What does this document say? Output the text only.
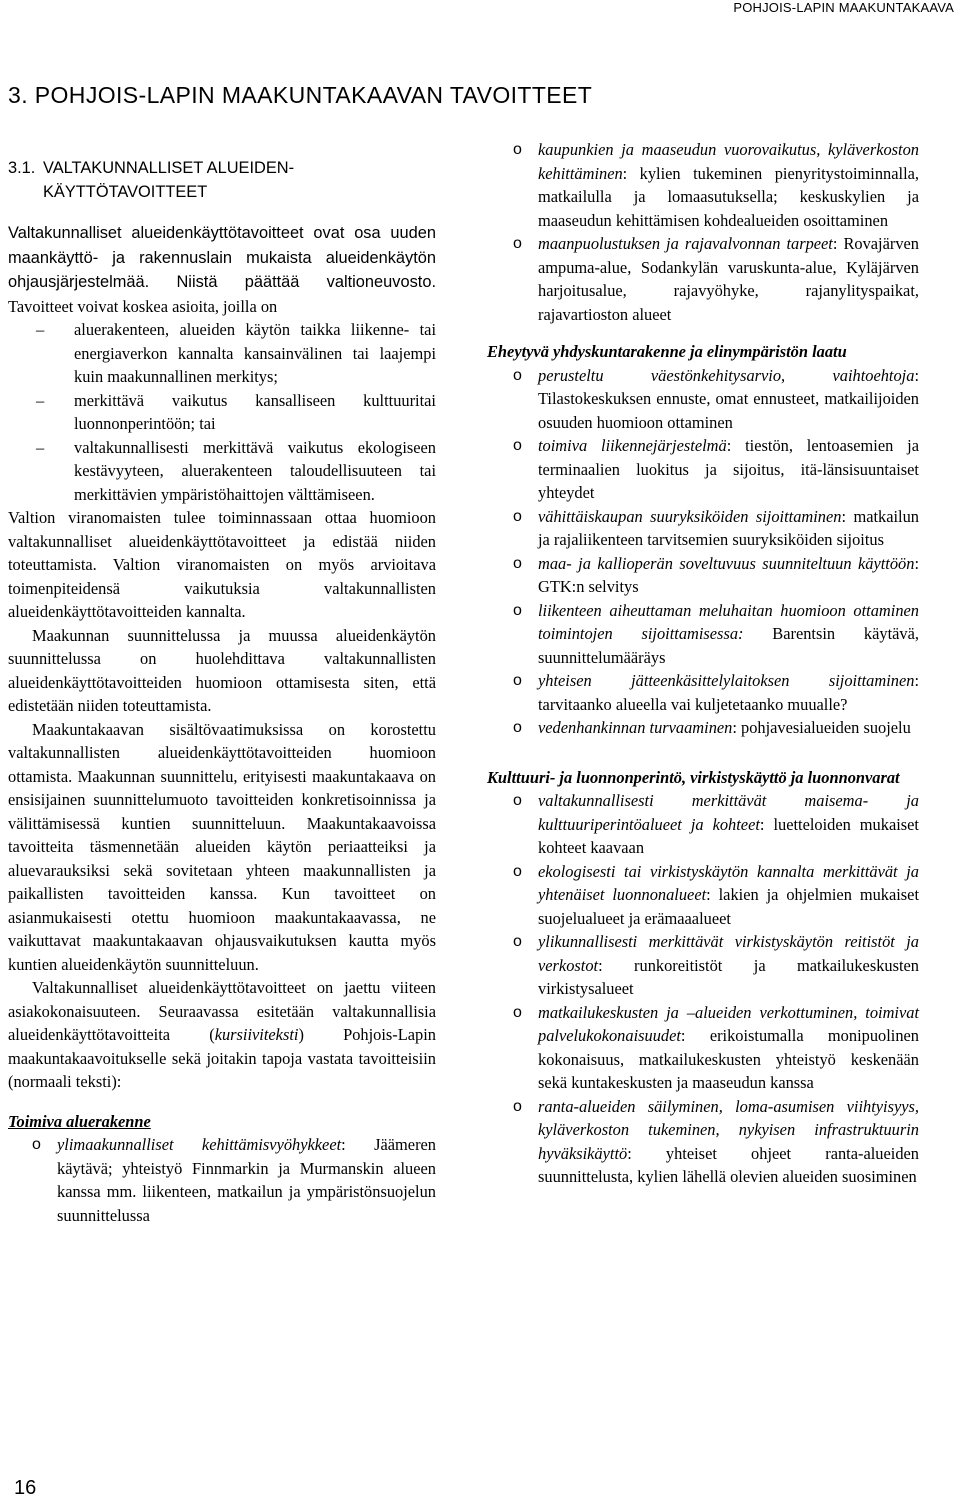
POHJOIS-LAPIN MAAKUNTAKAAVA
3. POHJOIS-LAPIN MAAKUNTAKAAVAN TAVOITTEET
3.1. VALTAKUNNALLISET ALUEIDEN-
KÄYTTÖTAVOITTEET

Valtakunnalliset alueidenkäyttötavoitteet ovat osa uuden maankäyttö- ja rakennuslain mukaista alueidenkäytön ohjausjärjestelmää. Niistä päättää valtioneuvosto. Tavoitteet voivat koskea asioita, joilla on

–	aluerakenteen, alueiden käytön taikka liikenne- tai energiaverkon kannalta kansainvälinen tai laajempi kuin maakunnallinen merkitys;
–	merkittävä vaikutus kansalliseen kulttuuritai luonnonperintöön; tai
–	valtakunnallisesti merkittävä vaikutus ekologiseen kestävyyteen, aluerakenteen taloudellisuuteen tai merkittävien ympäristöhaittojen välttämiseen.

Valtion viranomaisten tulee toiminnassaan ottaa huomioon valtakunnalliset alueidenkäyttötavoitteet ja edistää niiden toteuttamista. Valtion viranomaisten on myös arvioitava toimenpiteidensä vaikutuksia valtakunnallisten alueidenkäyttötavoitteiden kannalta.

Maakunnan suunnittelussa ja muussa alueidenkäytön suunnittelussa on huolehdittava valtakunnallisten alueidenkäyttötavoitteiden huomioon ottamisesta siten, että edistetään niiden toteuttamista.

Maakuntakaavan sisältövaatimuksissa on korostettu valtakunnallisten alueidenkäyttötavoitteiden huomioon ottamista. Maakunnan suunnittelu, erityisesti maakuntakaava on ensisijainen suunnittelumuoto tavoitteiden konkretisoinnissa ja välittämisessä kuntien suunnitteluun. Maakuntakaavoissa tavoitteita täsmennetään alueiden käytön periaatteiksi ja aluevarauksiksi sekä sovitetaan yhteen maakunnallisten ja paikallisten tavoitteiden kanssa. Kun tavoitteet on asianmukaisesti otettu huomioon maakuntakaavassa, ne vaikuttavat maakuntakaavan ohjausvaikutuksen kautta myös kuntien alueidenkäytön suunnitteluun.

Valtakunnalliset alueidenkäyttötavoitteet on jaettu viiteen asiakokonaisuuteen. Seuraavassa esitetään valtakunnallisia alueidenkäyttötavoitteita (kursiiviteksti) Pohjois-Lapin maakuntakaavoitukselle sekä joitakin tapoja vastata tavoitteisiin (normaali teksti):

Toimiva aluerakenne

o ylimaakunnalliset kehittämisvyöhykkeet: Jäämeren käytävä; yhteistyö Finnmarkin ja Murmanskin alueen kanssa mm. liikenteen, matkailun ja ympäristönsuojelun suunnittelussa
o kaupunkien ja maaseudun vuorovaikutus, kyläverkoston kehittäminen: kylien tukeminen pienyritystoiminnalla, matkailulla ja lomaasutuksella; keskuskylien ja maaseudun kehittämisen kohdealueiden osoittaminen
o maanpuolustuksen ja rajavalvonnan tarpeet: Rovajärven ampuma-alue, Sodankylän varuskunta-alue, Kyläjärven harjoitusalue, rajavyöhyke, rajanylityspaikat, rajavartioston alueet

Eheytyvä yhdyskuntarakenne ja elinympäristön laatu

o perusteltu väestönkehitysarvio, vaihtoehtoja: Tilastokeskuksen ennuste, omat ennusteet, matkailijoiden osuuden huomioon ottaminen
o toimiva liikennejärjestelmä: tiestön, lentoasemien ja terminaalien luokitus ja sijoitus, itä-länsisuuntaiset yhteydet
o vähittäiskaupan suuryksiköiden sijoittaminen: matkailun ja rajaliikenteen tarvitsemien suuryksiköiden sijoitus
o maa- ja kallioperän soveltuvuus suunniteltuun käyttöön: GTK:n selvitys
o liikenteen aiheuttaman meluhaitan huomioon ottaminen toimintojen sijoittamisessa: Barentsin käytävä, suunnittelumääräys
o yhteisen jätteenkäsittelylaitoksen sijoittaminen: tarvitaanko alueella vai kuljetetaanko muualle?
o vedenhankinnan turvaaminen: pohjavesialueiden suojelu

Kulttuuri- ja luonnonperintö, virkistyskäyttö ja luonnonvarat

o valtakunnallisesti merkittävät maisema- ja kulttuuriperintöalueet ja kohteet: luetteloiden mukaiset kohteet kaavaan
o ekologisesti tai virkistyskäytön kannalta merkittävät ja yhtenäiset luonnonalueet: lakien ja ohjelmien mukaiset suojelualueet ja erämaaalueet
o ylikunnallisesti merkittävät virkistyskäytön reitistöt ja verkostot: runkoreitistöt ja matkailukeskusten virkistysalueet
o matkailukeskusten ja –alueiden verkottuminen, toimivat palvelukokonaisuudet: erikoistumalla monipuolinen kokonaisuus, matkailukeskusten yhteistyö keskenään sekä kuntakeskusten ja maaseudun kanssa
o ranta-alueiden säilyminen, loma-asumisen viihtyisyys, kyläverkoston tukeminen, nykyisen infrastruktuurin hyväksikäyttö: yhteiset ohjeet ranta-alueiden suunnittelusta, kylien lähellä olevien alueiden suosiminen
16
